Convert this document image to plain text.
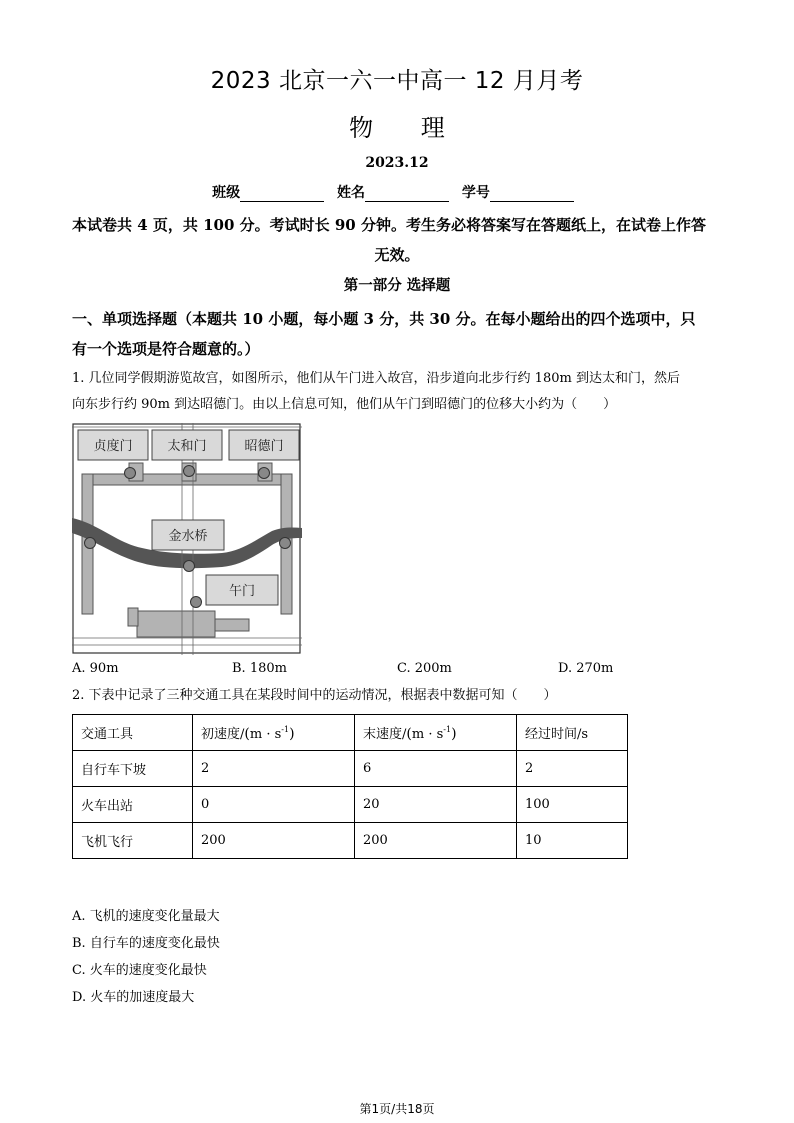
2023 北京一六一中高一 12 月月考
物 理
2023.12
班级	姓名	学号
本试卷共 4 页，共 100 分。考试时长 90 分钟。考生务必将答案写在答题纸上，在试卷上作答
无效。
第一部分 选择题
一、单项选择题（本题共 10 小题，每小题 3 分，共 30 分。在每小题给出的四个选项中，只
有一个选项是符合题意的。）
1. 几位同学假期游览故宫，如图所示，他们从午门进入故宫，沿步道向北步行约 180m 到达太和门，然后
向东步行约 90m 到达昭德门。由以上信息可知，他们从午门到昭德门的位移大小约为（　　）
贞度门	太和门	昭德门
金水桥
午门
A. 90m	B. 180m	C. 200m	D. 270m
2. 下表中记录了三种交通工具在某段时间中的运动情况，根据表中数据可知（　　）
交通工具	初速度$/(m \cdot s^{-1})$	末速度$/(m \cdot s^{-1})$	经过时间/s
自行车下坡	2	6	2
火车出站	0	20	100
飞机飞行	200	200	10
A. 飞机的速度变化量最大
B. 自行车的速度变化最快
C. 火车的速度变化最快
D. 火车的加速度最大
第1页/共18页
